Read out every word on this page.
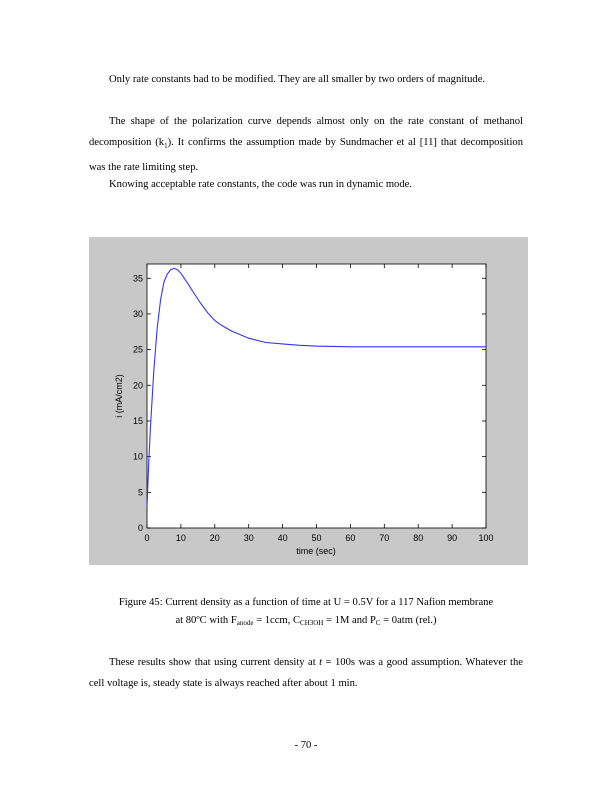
Only rate constants had to be modified. They are all smaller by two orders of magnitude.

The shape of the polarization curve depends almost only on the rate constant of methanol decomposition $(k_1)$. It confirms the assumption made by Sundmacher et al [11] that decomposition was the rate limiting step.

Knowing acceptable rate constants, the code was run in dynamic mode.

0	10	20	30	40	50	60	70	80	90 100
0
5
10
15
20
25
30
35
time (sec)
i (mA/cm2)

Figure 45: Current density as a function of time at U = 0.5V for a 117 Nafion membrane

at 80ºC with $F_{anode} = 1ccm$, $C_{CH3OH} = 1M$ and $P_C = 0atm$ (rel.)

These results show that using current density at t = 100s was a good assumption. Whatever the cell voltage is, steady state is always reached after about 1 min.

- 70 -
